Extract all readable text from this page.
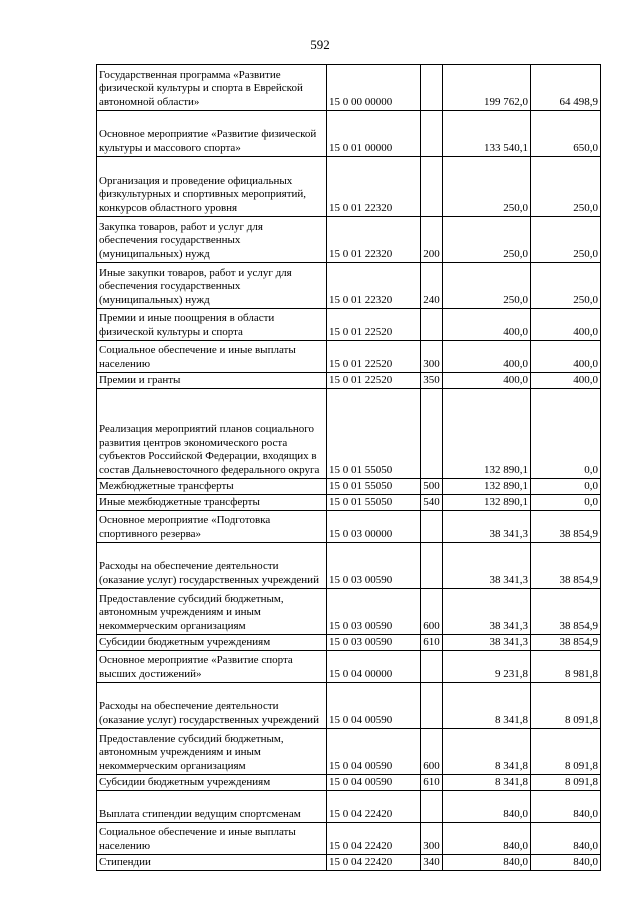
592
Государственная программа «Развитие физической культуры и спорта в Еврейской автономной области»	15 0 00 00000		199 762,0	64 498,9
Основное мероприятие «Развитие физической культуры и массового спорта»	15 0 01 00000		133 540,1	650,0
Организация и проведение официальных физкультурных и спортивных мероприятий, конкурсов областного уровня	15 0 01 22320		250,0	250,0
Закупка товаров, работ и услуг для обеспечения государственных (муниципальных) нужд	15 0 01 22320	200	250,0	250,0
Иные закупки товаров, работ и услуг для обеспечения государственных (муниципальных) нужд	15 0 01 22320	240	250,0	250,0
Премии и иные поощрения в области физической культуры и спорта	15 0 01 22520		400,0	400,0
Социальное обеспечение и иные выплаты населению	15 0 01 22520	300	400,0	400,0
Премии и гранты	15 0 01 22520	350	400,0	400,0
Реализация мероприятий планов социального развития центров экономического роста субъектов Российской Федерации, входящих в состав Дальневосточного федерального округа	15 0 01 55050		132 890,1	0,0
Межбюджетные трансферты	15 0 01 55050	500	132 890,1	0,0
Иные межбюджетные трансферты	15 0 01 55050	540	132 890,1	0,0
Основное мероприятие «Подготовка спортивного резерва»	15 0 03 00000		38 341,3	38 854,9
Расходы на обеспечение деятельности (оказание услуг) государственных учреждений	15 0 03 00590		38 341,3	38 854,9
Предоставление субсидий бюджетным, автономным учреждениям и иным некоммерческим организациям	15 0 03 00590	600	38 341,3	38 854,9
Субсидии бюджетным учреждениям	15 0 03 00590	610	38 341,3	38 854,9
Основное мероприятие «Развитие спорта высших достижений»	15 0 04 00000		9 231,8	8 981,8
Расходы на обеспечение деятельности (оказание услуг) государственных учреждений	15 0 04 00590		8 341,8	8 091,8
Предоставление субсидий бюджетным, автономным учреждениям и иным некоммерческим организациям	15 0 04 00590	600	8 341,8	8 091,8
Субсидии бюджетным учреждениям	15 0 04 00590	610	8 341,8	8 091,8
Выплата стипендии ведущим спортсменам	15 0 04 22420		840,0	840,0
Социальное обеспечение и иные выплаты населению	15 0 04 22420	300	840,0	840,0
Стипендии	15 0 04 22420	340	840,0	840,0
